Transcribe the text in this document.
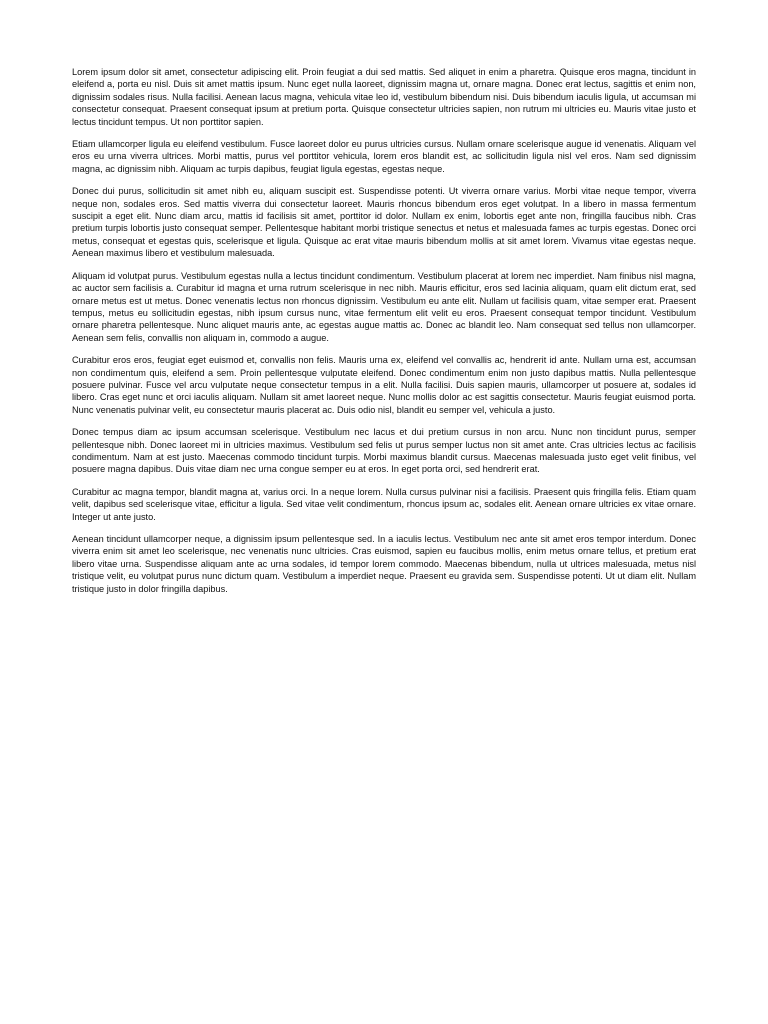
Lorem ipsum dolor sit amet, consectetur adipiscing elit. Proin feugiat a dui sed mattis. Sed aliquet in enim a pharetra. Quisque eros magna, tincidunt in eleifend a, porta eu nisl. Duis sit amet mattis ipsum. Nunc eget nulla laoreet, dignissim magna ut, ornare magna. Donec erat lectus, sagittis et enim non, dignissim sodales risus. Nulla facilisi. Aenean lacus magna, vehicula vitae leo id, vestibulum bibendum nisi. Duis bibendum iaculis ligula, ut accumsan mi consectetur consequat. Praesent consequat ipsum at pretium porta. Quisque consectetur ultricies sapien, non rutrum mi ultricies eu. Mauris vitae justo et lectus tincidunt tempus. Ut non porttitor sapien.

Etiam ullamcorper ligula eu eleifend vestibulum. Fusce laoreet dolor eu purus ultricies cursus. Nullam ornare scelerisque augue id venenatis. Aliquam vel eros eu urna viverra ultrices. Morbi mattis, purus vel porttitor vehicula, lorem eros blandit est, ac sollicitudin ligula nisl vel eros. Nam sed dignissim magna, ac dignissim nibh. Aliquam ac turpis dapibus, feugiat ligula egestas, egestas neque.

Donec dui purus, sollicitudin sit amet nibh eu, aliquam suscipit est. Suspendisse potenti. Ut viverra ornare varius. Morbi vitae neque tempor, viverra neque non, sodales eros. Sed mattis viverra dui consectetur laoreet. Mauris rhoncus bibendum eros eget volutpat. In a libero in massa fermentum suscipit a eget elit. Nunc diam arcu, mattis id facilisis sit amet, porttitor id dolor. Nullam ex enim, lobortis eget ante non, fringilla faucibus nibh. Cras pretium turpis lobortis justo consequat semper. Pellentesque habitant morbi tristique senectus et netus et malesuada fames ac turpis egestas. Donec orci metus, consequat et egestas quis, scelerisque et ligula. Quisque ac erat vitae mauris bibendum mollis at sit amet lorem. Vivamus vitae egestas neque. Aenean maximus libero et vestibulum malesuada.

Aliquam id volutpat purus. Vestibulum egestas nulla a lectus tincidunt condimentum. Vestibulum placerat at lorem nec imperdiet. Nam finibus nisl magna, ac auctor sem facilisis a. Curabitur id magna et urna rutrum scelerisque in nec nibh. Mauris efficitur, eros sed lacinia aliquam, quam elit dictum erat, sed ornare metus est ut metus. Donec venenatis lectus non rhoncus dignissim. Vestibulum eu ante elit. Nullam ut facilisis quam, vitae semper erat. Praesent tempus, metus eu sollicitudin egestas, nibh ipsum cursus nunc, vitae fermentum elit velit eu eros. Praesent consequat tempor tincidunt. Vestibulum ornare pharetra pellentesque. Nunc aliquet mauris ante, ac egestas augue mattis ac. Donec ac blandit leo. Nam consequat sed tellus non ullamcorper. Aenean sem felis, convallis non aliquam in, commodo a augue.

Curabitur eros eros, feugiat eget euismod et, convallis non felis. Mauris urna ex, eleifend vel convallis ac, hendrerit id ante. Nullam urna est, accumsan non condimentum quis, eleifend a sem. Proin pellentesque vulputate eleifend. Donec condimentum enim non justo dapibus mattis. Nulla pellentesque posuere pulvinar. Fusce vel arcu vulputate neque consectetur tempus in a elit. Nulla facilisi. Duis sapien mauris, ullamcorper ut posuere at, sodales id libero. Cras eget nunc et orci iaculis aliquam. Nullam sit amet laoreet neque. Nunc mollis dolor ac est sagittis consectetur. Mauris feugiat euismod porta. Nunc venenatis pulvinar velit, eu consectetur mauris placerat ac. Duis odio nisl, blandit eu semper vel, vehicula a justo.

Donec tempus diam ac ipsum accumsan scelerisque. Vestibulum nec lacus et dui pretium cursus in non arcu. Nunc non tincidunt purus, semper pellentesque nibh. Donec laoreet mi in ultricies maximus. Vestibulum sed felis ut purus semper luctus non sit amet ante. Cras ultricies lectus ac facilisis condimentum. Nam at est justo. Maecenas commodo tincidunt turpis. Morbi maximus blandit cursus. Maecenas malesuada justo eget velit finibus, vel posuere magna dapibus. Duis vitae diam nec urna congue semper eu at eros. In eget porta orci, sed hendrerit erat.

Curabitur ac magna tempor, blandit magna at, varius orci. In a neque lorem. Nulla cursus pulvinar nisi a facilisis. Praesent quis fringilla felis. Etiam quam velit, dapibus sed scelerisque vitae, efficitur a ligula. Sed vitae velit condimentum, rhoncus ipsum ac, sodales elit. Aenean ornare ultricies ex vitae ornare. Integer ut ante justo.

Aenean tincidunt ullamcorper neque, a dignissim ipsum pellentesque sed. In a iaculis lectus. Vestibulum nec ante sit amet eros tempor interdum. Donec viverra enim sit amet leo scelerisque, nec venenatis nunc ultricies. Cras euismod, sapien eu faucibus mollis, enim metus ornare tellus, et pretium erat libero vitae urna. Suspendisse aliquam ante ac urna sodales, id tempor lorem commodo. Maecenas bibendum, nulla ut ultrices malesuada, metus nisl tristique velit, eu volutpat purus nunc dictum quam. Vestibulum a imperdiet neque. Praesent eu gravida sem. Suspendisse potenti. Ut ut diam elit. Nullam tristique justo in dolor fringilla dapibus.
